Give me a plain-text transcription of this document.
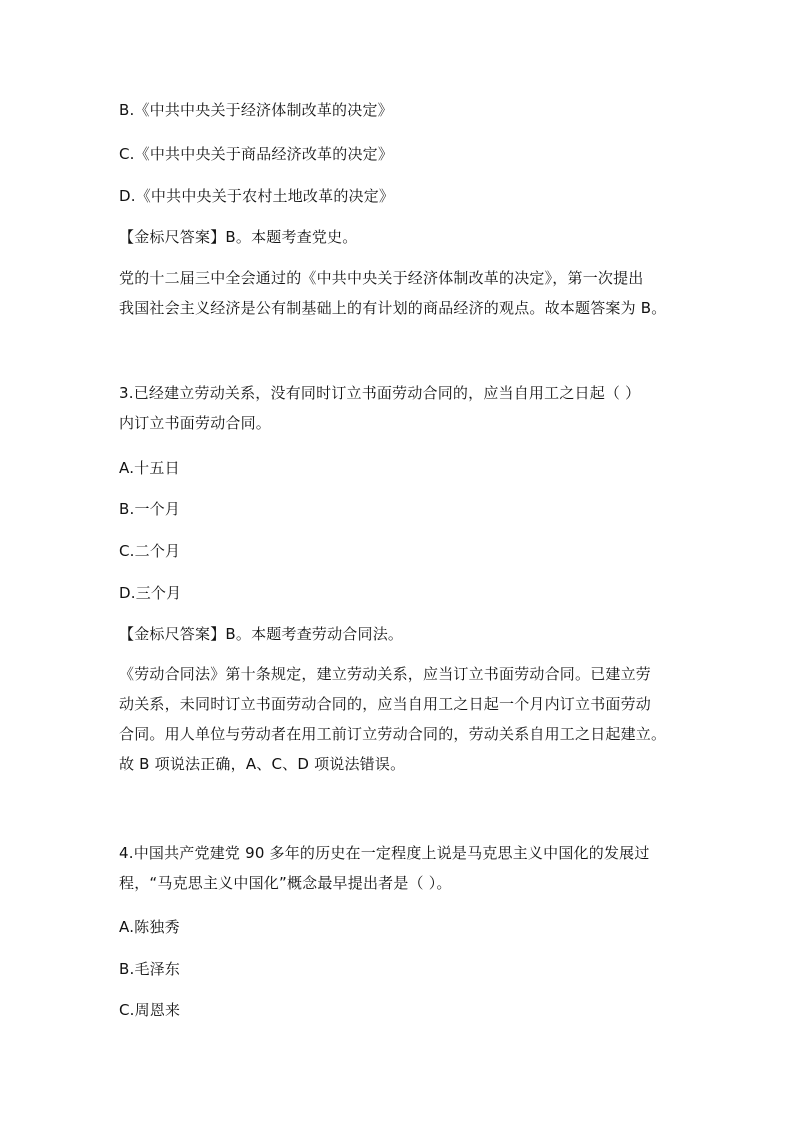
B.《中共中央关于经济体制改革的决定》
C.《中共中央关于商品经济改革的决定》
D.《中共中央关于农村土地改革的决定》
【金标尺答案】B。本题考查党史。
党的十二届三中全会通过的《中共中央关于经济体制改革的决定》，第一次提出
我国社会主义经济是公有制基础上的有计划的商品经济的观点。故本题答案为 B。
3.已经建立劳动关系，没有同时订立书面劳动合同的，应当自用工之日起（ ）
内订立书面劳动合同。
A.十五日
B.一个月
C.二个月
D.三个月
【金标尺答案】B。本题考查劳动合同法。
《劳动合同法》第十条规定，建立劳动关系，应当订立书面劳动合同。已建立劳
动关系，未同时订立书面劳动合同的，应当自用工之日起一个月内订立书面劳动
合同。用人单位与劳动者在用工前订立劳动合同的，劳动关系自用工之日起建立。
故 B 项说法正确，A、C、D 项说法错误。
4.中国共产党建党 90 多年的历史在一定程度上说是马克思主义中国化的发展过
程，“马克思主义中国化”概念最早提出者是（ ）。
A.陈独秀
B.毛泽东
C.周恩来
